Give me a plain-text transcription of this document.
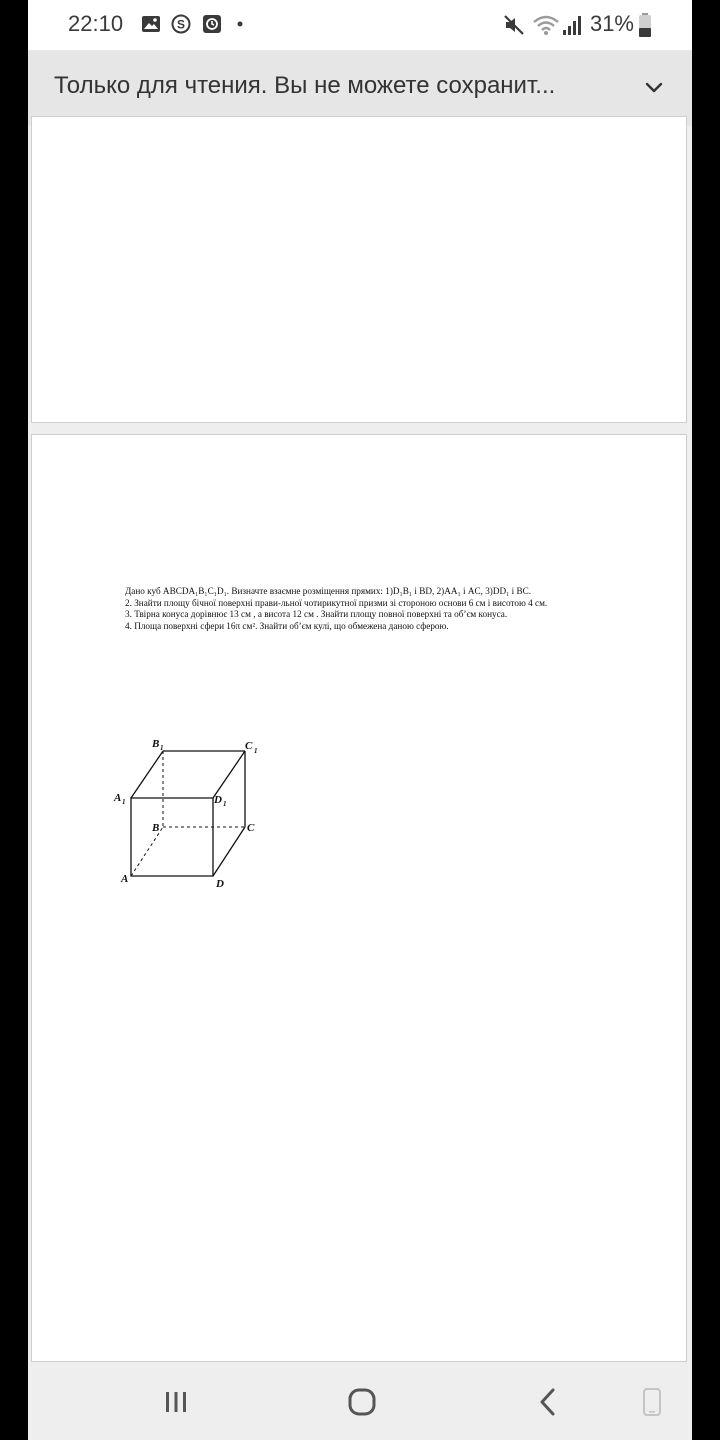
22:10	S	31%
Только для чтения. Вы не можете сохранит...

Дано куб ABCDA₁B₁C₁D₁. Визначте взаємне розміщення прямих: 1)D₁B₁ і BD, 2)AA₁ і AC, 3)DD₁ і BC.

2. Знайти площу бічної поверхні прави-льної чотирикутної призми зі стороною основи 6 см і висотою 4 см.

3. Твірна конуса дорівнює 13 см , а висота 12 см . Знайти площу повної поверхні та об’єм конуса.

4. Площа поверхні сфери 16π см². Знайти об’єм кулі, що обмежена даною сферою.

B 1	C 1
A 1	D 1
B	C
A	D
